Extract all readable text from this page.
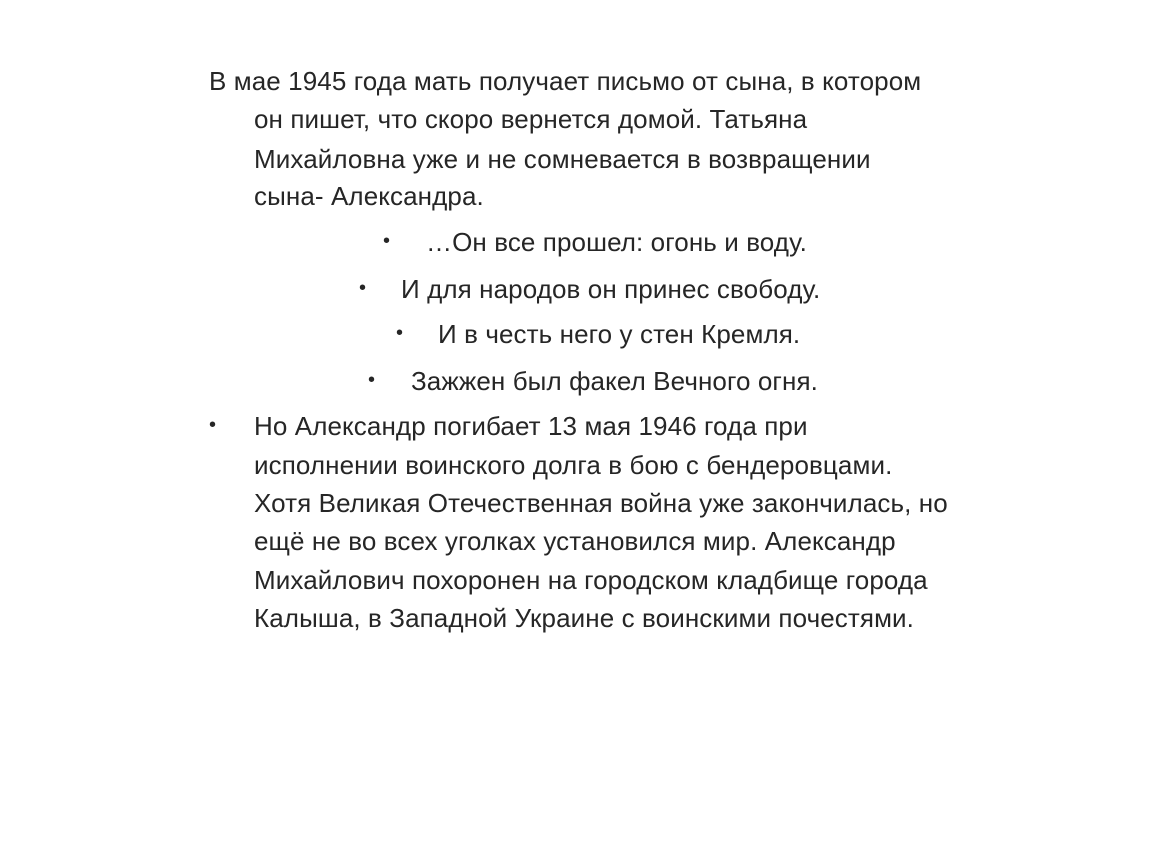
В мае 1945 года мать получает письмо от сына, в котором
он пишет, что скоро вернется домой. Татьяна
Михайловна уже и не сомневается в возвращении
сына- Александра.
• …Он все прошел: огонь и воду.
• И для народов он принес свободу.
• И в честь него у стен Кремля.
• Зажжен был факел Вечного огня.
• Но Александр погибает 13 мая 1946 года при
исполнении воинского долга в бою с бендеровцами.
Хотя Великая Отечественная война уже закончилась, но
ещё не во всех уголках установился мир. Александр
Михайлович похоронен на городском кладбище города
Калыша, в Западной Украине с воинскими почестями.
